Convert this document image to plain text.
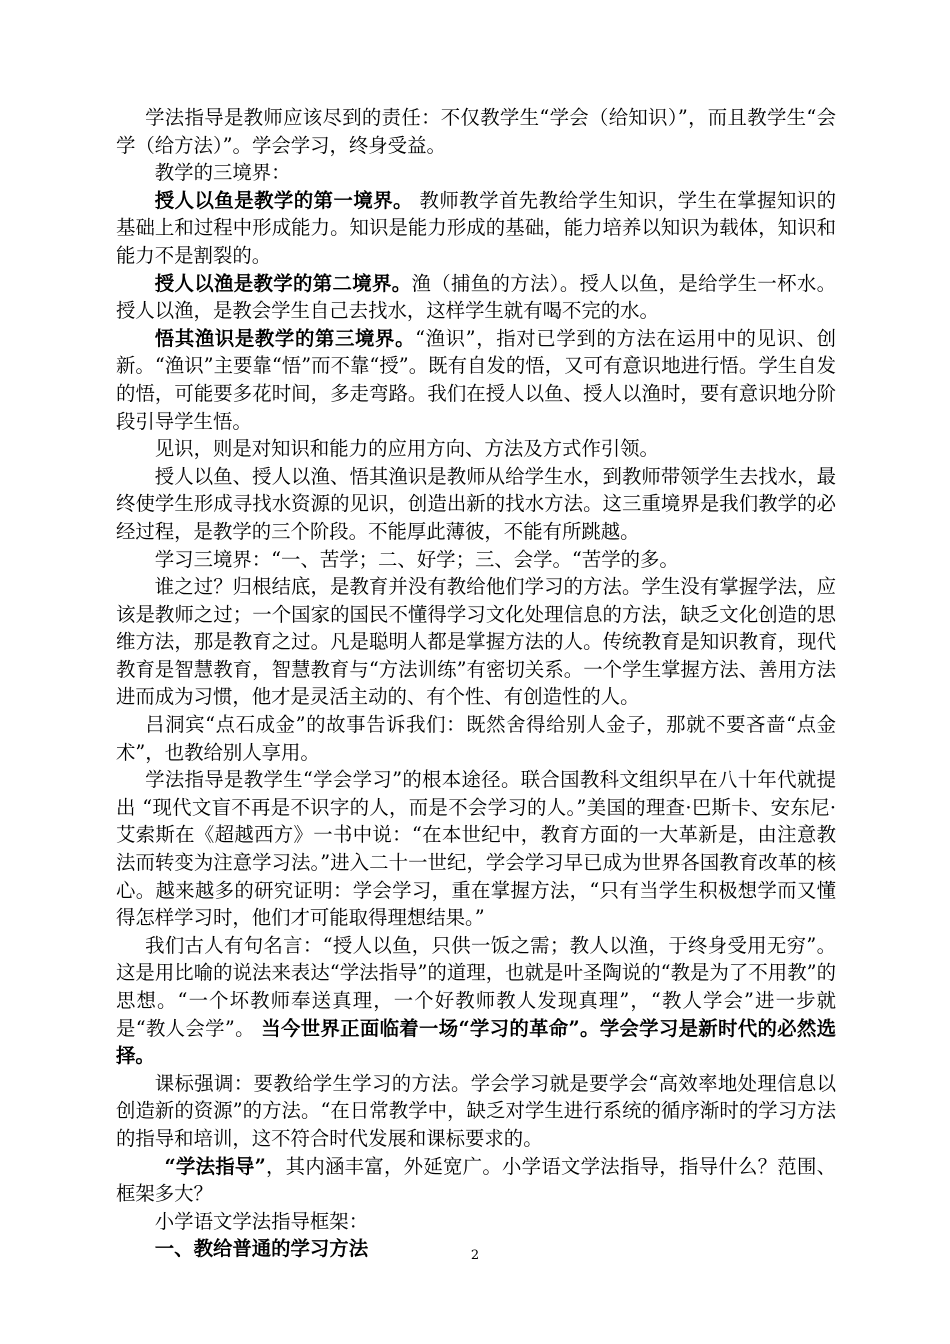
学法指导是教师应该尽到的责任：不仅教学生“学会（给知识）”，而且教学生“会学（给方法）”。学会学习，终身受益。

教学的三境界：

授人以鱼是教学的第一境界。 教师教学首先教给学生知识，学生在掌握知识的基础上和过程中形成能力。知识是能力形成的基础，能力培养以知识为载体，知识和能力不是割裂的。

授人以渔是教学的第二境界。渔（捕鱼的方法）。授人以鱼，是给学生一杯水。授人以渔，是教会学生自己去找水，这样学生就有喝不完的水。

悟其渔识是教学的第三境界。“渔识”，指对已学到的方法在运用中的见识、创新。“渔识”主要靠“悟”而不靠“授”。既有自发的悟，又可有意识地进行悟。学生自发的悟，可能要多花时间，多走弯路。我们在授人以鱼、授人以渔时，要有意识地分阶段引导学生悟。

见识，则是对知识和能力的应用方向、方法及方式作引领。

授人以鱼、授人以渔、悟其渔识是教师从给学生水，到教师带领学生去找水，最终使学生形成寻找水资源的见识，创造出新的找水方法。这三重境界是我们教学的必经过程，是教学的三个阶段。不能厚此薄彼，不能有所跳越。

学习三境界：“一、苦学；二、好学；三、会学。“苦学的多。

谁之过？归根结底，是教育并没有教给他们学习的方法。学生没有掌握学法，应该是教师之过；一个国家的国民不懂得学习文化处理信息的方法，缺乏文化创造的思维方法，那是教育之过。凡是聪明人都是掌握方法的人。传统教育是知识教育，现代教育是智慧教育，智慧教育与“方法训练”有密切关系。一个学生掌握方法、善用方法进而成为习惯，他才是灵活主动的、有个性、有创造性的人。

吕洞宾“点石成金”的故事告诉我们：既然舍得给别人金子，那就不要吝啬“点金术”，也教给别人享用。

学法指导是教学生“学会学习”的根本途径。联合国教科文组织早在八十年代就提出 “现代文盲不再是不识字的人，而是不会学习的人。”美国的理查·巴斯卡、安东尼·艾索斯在《超越西方》一书中说：“在本世纪中，教育方面的一大革新是，由注意教法而转变为注意学习法。”进入二十一世纪，学会学习早已成为世界各国教育改革的核心。越来越多的研究证明：学会学习，重在掌握方法，“只有当学生积极想学而又懂得怎样学习时，他们才可能取得理想结果。”

我们古人有句名言：“授人以鱼，只供一饭之需；教人以渔，于终身受用无穷”。这是用比喻的说法来表达“学法指导”的道理，也就是叶圣陶说的“教是为了不用教”的思想。“一个坏教师奉送真理，一个好教师教人发现真理”，“教人学会”进一步就是“教人会学”。 当今世界正面临着一场“学习的革命”。学会学习是新时代的必然选择。

课标强调：要教给学生学习的方法。学会学习就是要学会“高效率地处理信息以创造新的资源”的方法。“在日常教学中，缺乏对学生进行系统的循序渐时的学习方法的指导和培训，这不符合时代发展和课标要求的。

“学法指导”，其内涵丰富，外延宽广。小学语文学法指导，指导什么？范围、框架多大？

小学语文学法指导框架：

一、教给普通的学习方法	2
